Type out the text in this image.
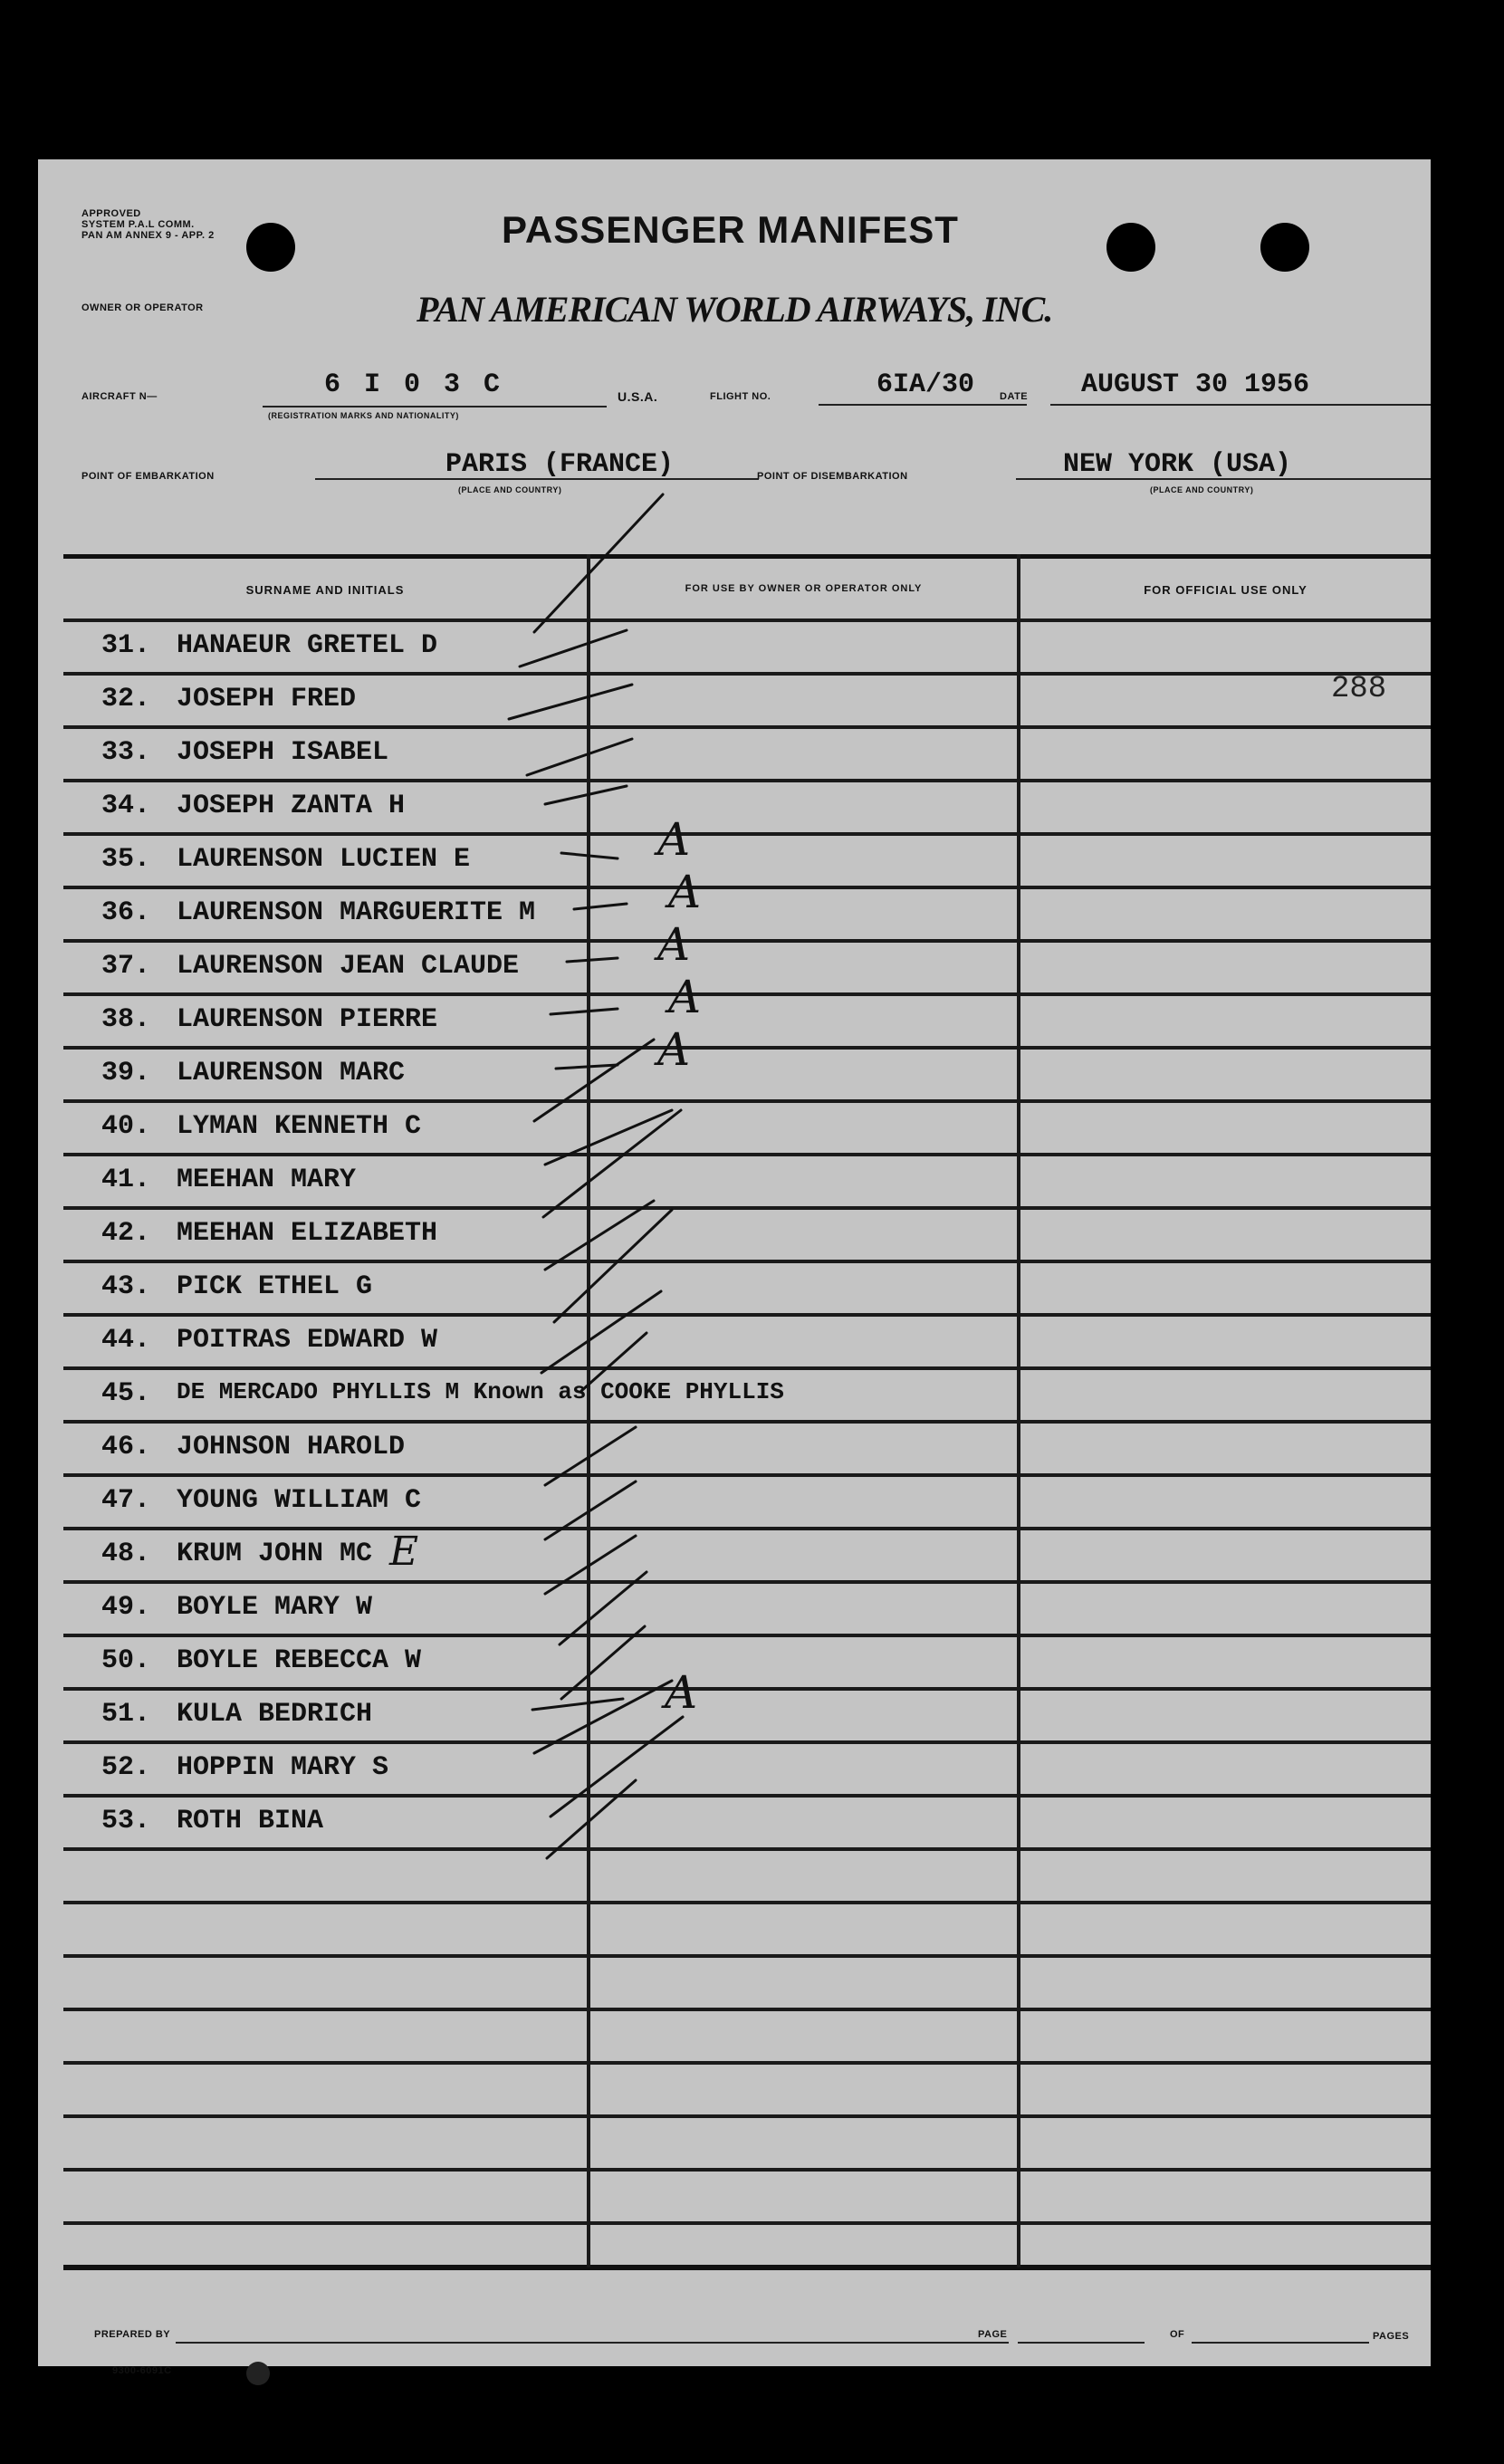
APPROVED
SYSTEM P.A.L COMM.
PAN AM ANNEX 9 - APP. 2	PASSENGER MANIFEST
OWNER OR OPERATOR	PAN AMERICAN WORLD AIRWAYS, INC.
AIRCRAFT N—	6 I 0 3 C
(REGISTRATION MARKS AND NATIONALITY)
U.S.A.	FLIGHT NO.	6IA/30	DATE AUGUST 30 1956
POINT OF EMBARKATION	PARIS (FRANCE)
(PLACE AND COUNTRY)
POINT OF DISEMBARKATION	NEW YORK (USA)
(PLACE AND COUNTRY)
SURNAME AND INITIALS	FOR USE BY OWNER OR OPERATOR ONLY	FOR OFFICIAL USE ONLY
31. HANAEUR GRETEL D
32. JOSEPH FRED
33. JOSEPH ISABEL
34. JOSEPH ZANTA H
35. LAURENSON LUCIEN E
36. LAURENSON MARGUERITE M
37. LAURENSON JEAN CLAUDE
38. LAURENSON PIERRE
39. LAURENSON MARC
40. LYMAN KENNETH C
41. MEEHAN MARY
42. MEEHAN ELIZABETH
43. PICK ETHEL G
44. POITRAS EDWARD W
45.	DE MERCADO PHYLLIS M Known as COOKE PHYLLIS
46. JOHNSON HAROLD
47. YOUNG WILLIAM C
48. KRUM JOHN MC
49. BOYLE MARY W
50. BOYLE REBECCA W
51. KULA BEDRICH
52. HOPPIN MARY S
53. ROTH BINA
288
A
A
A
A
A
E
A
PREPARED BY	PAGE	OF	PAGES
9300-6091C
